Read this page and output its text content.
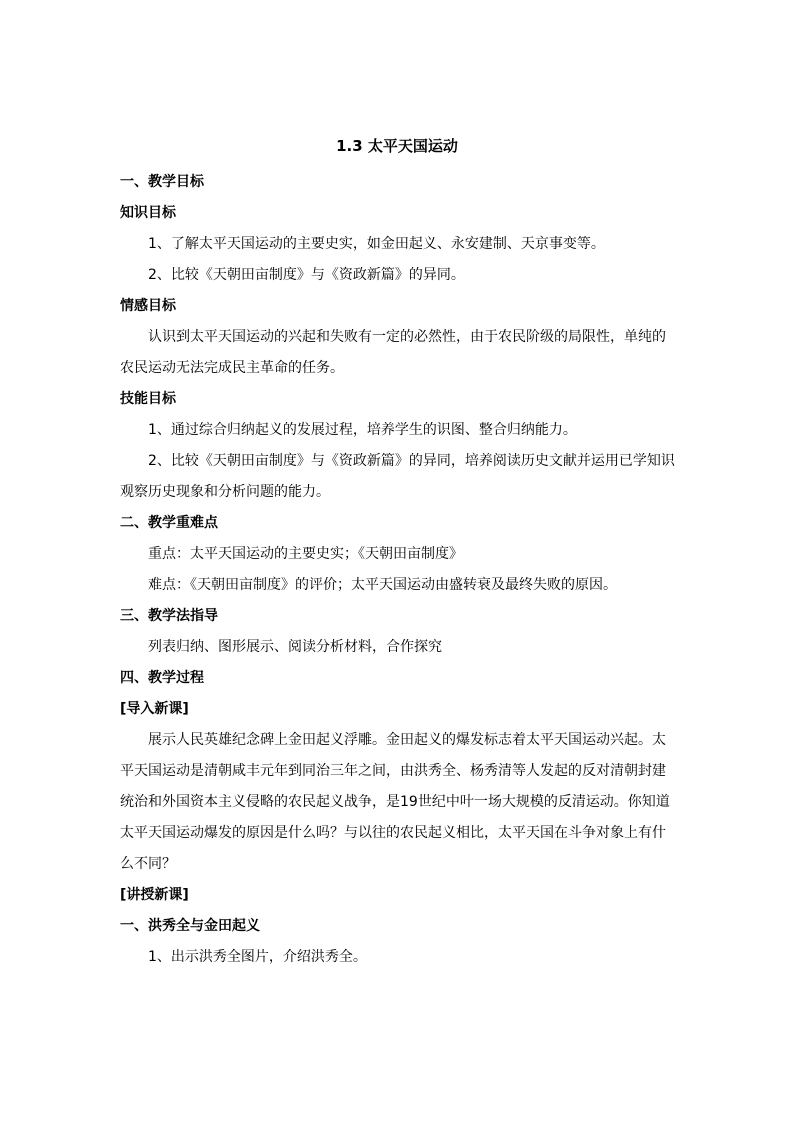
1.3 太平天国运动
一、教学目标
知识目标
1、了解太平天国运动的主要史实，如金田起义、永安建制、天京事变等。
2、比较《天朝田亩制度》与《资政新篇》的异同。
情感目标
认识到太平天国运动的兴起和失败有一定的必然性，由于农民阶级的局限性，单纯的农民运动无法完成民主革命的任务。
技能目标
1、通过综合归纳起义的发展过程，培养学生的识图、整合归纳能力。
2、比较《天朝田亩制度》与《资政新篇》的异同，培养阅读历史文献并运用已学知识观察历史现象和分析问题的能力。
二、教学重难点
重点：太平天国运动的主要史实；《天朝田亩制度》
难点：《天朝田亩制度》的评价；太平天国运动由盛转衰及最终失败的原因。
三、教学法指导
列表归纳、图形展示、阅读分析材料，合作探究
四、教学过程
[导入新课]
展示人民英雄纪念碑上金田起义浮雕。金田起义的爆发标志着太平天国运动兴起。太平天国运动是清朝咸丰元年到同治三年之间，由洪秀全、杨秀清等人发起的反对清朝封建统治和外国资本主义侵略的农民起义战争，是19世纪中叶一场大规模的反清运动。你知道太平天国运动爆发的原因是什么吗？与以往的农民起义相比，太平天国在斗争对象上有什么不同？
[讲授新课]
一、洪秀全与金田起义
1、出示洪秀全图片，介绍洪秀全。
